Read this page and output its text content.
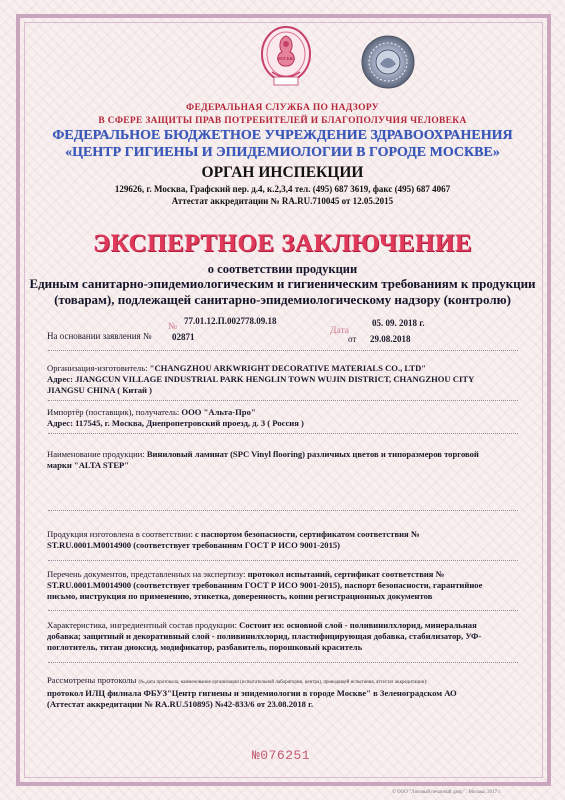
МОСКВА
ФЕДЕРАЛЬНАЯ СЛУЖБА ПО НАДЗОРУ
В СФЕРЕ ЗАЩИТЫ ПРАВ ПОТРЕБИТЕЛЕЙ И БЛАГОПОЛУЧИЯ ЧЕЛОВЕКА
ФЕДЕРАЛЬНОЕ БЮДЖЕТНОЕ УЧРЕЖДЕНИЕ ЗДРАВООХРАНЕНИЯ
«ЦЕНТР ГИГИЕНЫ И ЭПИДЕМИОЛОГИИ В ГОРОДЕ МОСКВЕ»
ОРГАН ИНСПЕКЦИИ
129626, г. Москва, Графский пер. д.4, к.2,3,4 тел. (495) 687 3619, факс (495) 687 4067
Аттестат аккредитации № RA.RU.710045 от 12.05.2015
ЭКСПЕРТНОЕ ЗАКЛЮЧЕНИЕ
о соответствии продукции
Единым санитарно-эпидемиологическим и гигиеническим требованиям к продукции
(товарам), подлежащей санитарно-эпидемиологическому надзору (контролю)
77.01.12.П.002778.09.18
№	05. 09. 2018 г.
Дата
На основании заявления № 02871	от 29.08.2018
Организация-изготовитель: "CHANGZHOU ARKWRIGHT DECORATIVE MATERIALS CO., LTD"
Адрес: JIANGCUN VILLAGE INDUSTRIAL PARK HENGLIN TOWN WUJIN DISTRICT, CHANGZHOU CITY
JIANGSU CHINA ( Китай )
Импортёр (поставщик), получатель: ООО "Альта-Про"
Адрес: 117545, г. Москва, Днепропетровский проезд, д. 3 ( Россия )
Наименование продукции: Виниловый ламинат (SPC Vinyl flooring) различных цветов и типоразмеров торговой
марки "ALTA STEP"
Продукция изготовлена в соответствии: с паспортом безопасности, сертификатом соответствия №
ST.RU.0001.M0014900 (соответствует требованиям ГОСТ Р ИСО 9001-2015)
Перечень документов, представленных на экспертизу: протокол испытаний, сертификат соответствия №
ST.RU.0001.M0014900 (соответствует требованиям ГОСТ Р ИСО 9001-2015), паспорт безопасности, гарантийное
письмо, инструкция по применению, этикетка, доверенность, копии регистрационных документов
Характеристика, ингредиентный состав продукции: Состоит из: основной слой - поливинилхлорид, минеральная
добавка; защитный и декоративный слой - поливинилхлорид, пластифицирующая добавка, стабилизатор, УФ-
поглотитель, титан диоксид, модификатор, разбавитель, порошковый краситель
Рассмотрены протоколы (№,дата протокола, наименование организации (испытательной лаборатории, центра), проводящей испытания, аттестат аккредитации):
протокол ИЛЦ филиала ФБУЗ"Центр гигиены и эпидемиологии в городе Москве" в Зеленоградском АО
(Аттестат аккредитации № RA.RU.510895) №42-833/6 от 23.08.2018 г.
№076251
© ООО "Лиговый печатный двор" . Москва, 2017 г.
